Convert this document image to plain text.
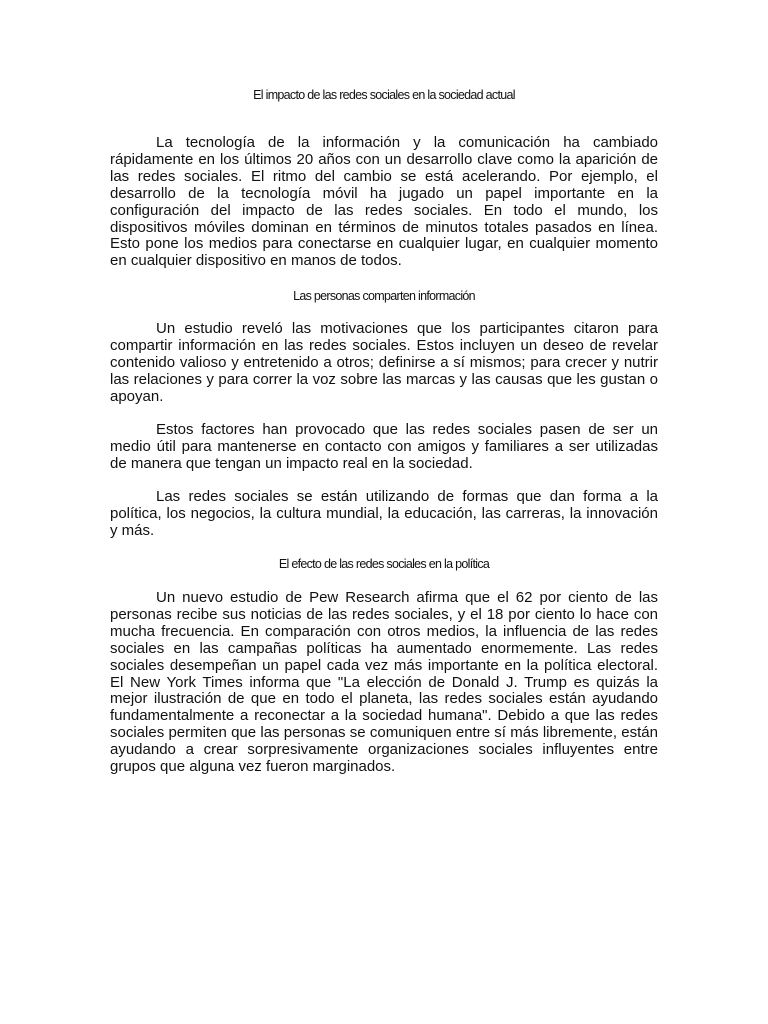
El impacto de las redes sociales en la sociedad actual

La tecnología de la información y la comunicación ha cambiado rápidamente en los últimos 20 años con un desarrollo clave como la aparición de las redes sociales. El ritmo del cambio se está acelerando. Por ejemplo, el desarrollo de la tecnología móvil ha jugado un papel importante en la configuración del impacto de las redes sociales. En todo el mundo, los dispositivos móviles dominan en términos de minutos totales pasados en línea. Esto pone los medios para conectarse en cualquier lugar, en cualquier momento en cualquier dispositivo en manos de todos.

Las personas comparten información

Un estudio reveló las motivaciones que los participantes citaron para compartir información en las redes sociales. Estos incluyen un deseo de revelar contenido valioso y entretenido a otros; definirse a sí mismos; para crecer y nutrir las relaciones y para correr la voz sobre las marcas y las causas que les gustan o apoyan.

Estos factores han provocado que las redes sociales pasen de ser un medio útil para mantenerse en contacto con amigos y familiares a ser utilizadas de manera que tengan un impacto real en la sociedad.

Las redes sociales se están utilizando de formas que dan forma a la política, los negocios, la cultura mundial, la educación, las carreras, la innovación y más.

El efecto de las redes sociales en la política

Un nuevo estudio de Pew Research afirma que el 62 por ciento de las personas recibe sus noticias de las redes sociales, y el 18 por ciento lo hace con mucha frecuencia. En comparación con otros medios, la influencia de las redes sociales en las campañas políticas ha aumentado enormemente. Las redes sociales desempeñan un papel cada vez más importante en la política electoral. El New York Times informa que "La elección de Donald J. Trump es quizás la mejor ilustración de que en todo el planeta, las redes sociales están ayudando fundamentalmente a reconectar a la sociedad humana". Debido a que las redes sociales permiten que las personas se comuniquen entre sí más libremente, están ayudando a crear sorpresivamente organizaciones sociales influyentes entre grupos que alguna vez fueron marginados.
